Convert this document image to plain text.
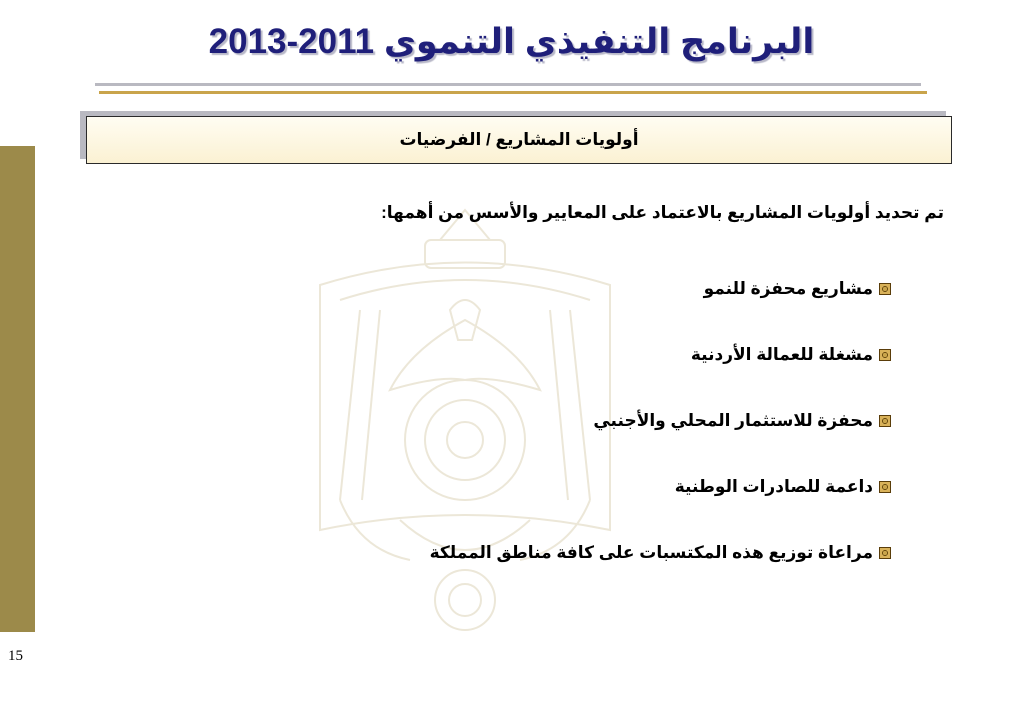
البرنامج التنفيذي التنموي 2011-2013
أولويات المشاريع / الفرضيات
15
تم تحديد أولويات المشاريع بالاعتماد على المعايير والأسس من أهمها:
مشاريع محفزة للنمو
مشغلة للعمالة الأردنية
محفزة للاستثمار المحلي والأجنبي
داعمة للصادرات الوطنية
مراعاة توزيع هذه المكتسبات على كافة مناطق المملكة
